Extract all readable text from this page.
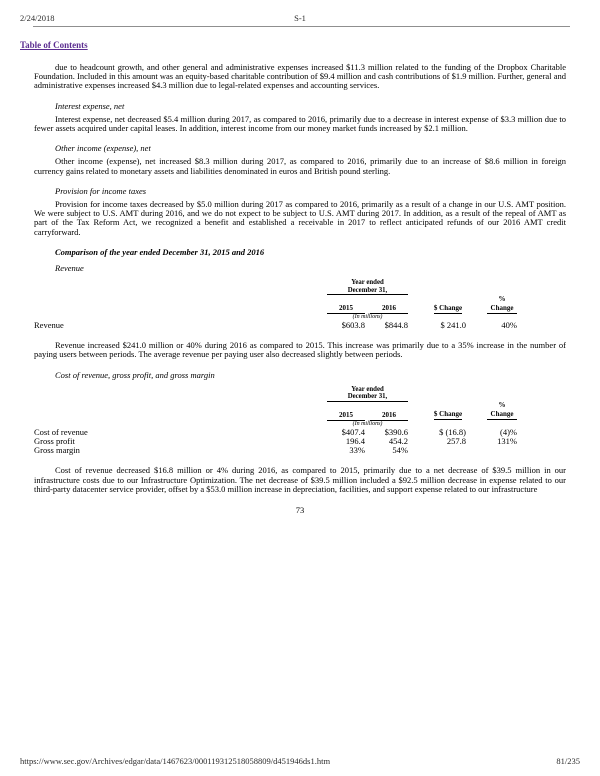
2/24/2018	S-1
Table of Contents

due to headcount growth, and other general and administrative expenses increased $11.3 million related to the funding of the Dropbox Charitable Foundation. Included in this amount was an equity-based charitable contribution of $9.4 million and cash contributions of $1.9 million. Further, general and administrative expenses increased $4.3 million due to legal-related expenses and accounting services.

Interest expense, net

Interest expense, net decreased $5.4 million during 2017, as compared to 2016, primarily due to a decrease in interest expense of $3.3 million due to fewer assets acquired under capital leases. In addition, interest income from our money market funds increased by $2.1 million.

Other income (expense), net

Other income (expense), net increased $8.3 million during 2017, as compared to 2016, primarily due to an increase of $8.6 million in foreign currency gains related to monetary assets and liabilities denominated in euros and British pound sterling.

Provision for income taxes

Provision for income taxes decreased by $5.0 million during 2017 as compared to 2016, primarily as a result of a change in our U.S. AMT position. We were subject to U.S. AMT during 2016, and we do not expect to be subject to U.S. AMT during 2017. In addition, as a result of the repeal of AMT as part of the Tax Reform Act, we recognized a benefit and established a receivable in 2017 to reflect anticipated refunds of our 2016 AMT credit carryforward.

Comparison of the year ended December 31, 2015 and 2016

Revenue

	Year ended
December 31,						
	2015		2016		$ Change		% Change
	(In millions)						
Revenue	$603.8		$844.8		$ 241.0		40%

Revenue increased $241.0 million or 40% during 2016 as compared to 2015. This increase was primarily due to a 35% increase in the number of paying users between periods. The average revenue per paying user also decreased slightly between periods.

Cost of revenue, gross profit, and gross margin

	Year ended
December 31,						
	2015		2016		$ Change		% Change
	(In millions)						
Cost of revenue	$407.4		$390.6		$ (16.8)		(4)%
Gross profit	196.4		454.2		257.8		131%
Gross margin	33%		54%				

Cost of revenue decreased $16.8 million or 4% during 2016, as compared to 2015, primarily due to a net decrease of $39.5 million in our infrastructure costs due to our Infrastructure Optimization. The net decrease of $39.5 million included a $92.5 million decrease in expense related to our third-party datacenter service provider, offset by a $53.0 million increase in depreciation, facilities, and support expense related to our infrastructure

73
https://www.sec.gov/Archives/edgar/data/1467623/000119312518058809/d451946ds1.htm	81/235
